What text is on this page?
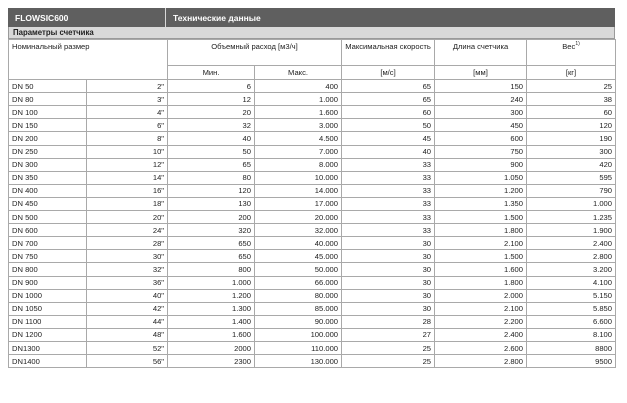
FLOWSIC600	Технические данные
Параметры счетчика
Номинальный размер		Объемный расход [м3/ч]		Максимальная скорость	Длина счетчика	Вес$^{1)}$
		Мин.	Макс.	[м/с]	[мм]	[кг]
DN 50	2"	6	400	65	150	25
DN 80	3"	12	1.000	65	240	38
DN 100	4"	20	1.600	60	300	60
DN 150	6"	32	3.000	50	450	120
DN 200	8"	40	4.500	45	600	190
DN 250	10"	50	7.000	40	750	300
DN 300	12"	65	8.000	33	900	420
DN 350	14"	80	10.000	33	1.050	595
DN 400	16"	120	14.000	33	1.200	790
DN 450	18"	130	17.000	33	1.350	1.000
DN 500	20"	200	20.000	33	1.500	1.235
DN 600	24"	320	32.000	33	1.800	1.900
DN 700	28"	650	40.000	30	2.100	2.400
DN 750	30"	650	45.000	30	1.500	2.800
DN 800	32"	800	50.000	30	1.600	3.200
DN 900	36"	1.000	66.000	30	1.800	4.100
DN 1000	40"	1.200	80.000	30	2.000	5.150
DN 1050	42"	1.300	85.000	30	2.100	5.850
DN 1100	44"	1.400	90.000	28	2.200	6.600
DN 1200	48"	1.600	100.000	27	2.400	8.100
DN1300	52"	2000	110.000	25	2.600	8800
DN1400	56"	2300	130.000	25	2.800	9500
